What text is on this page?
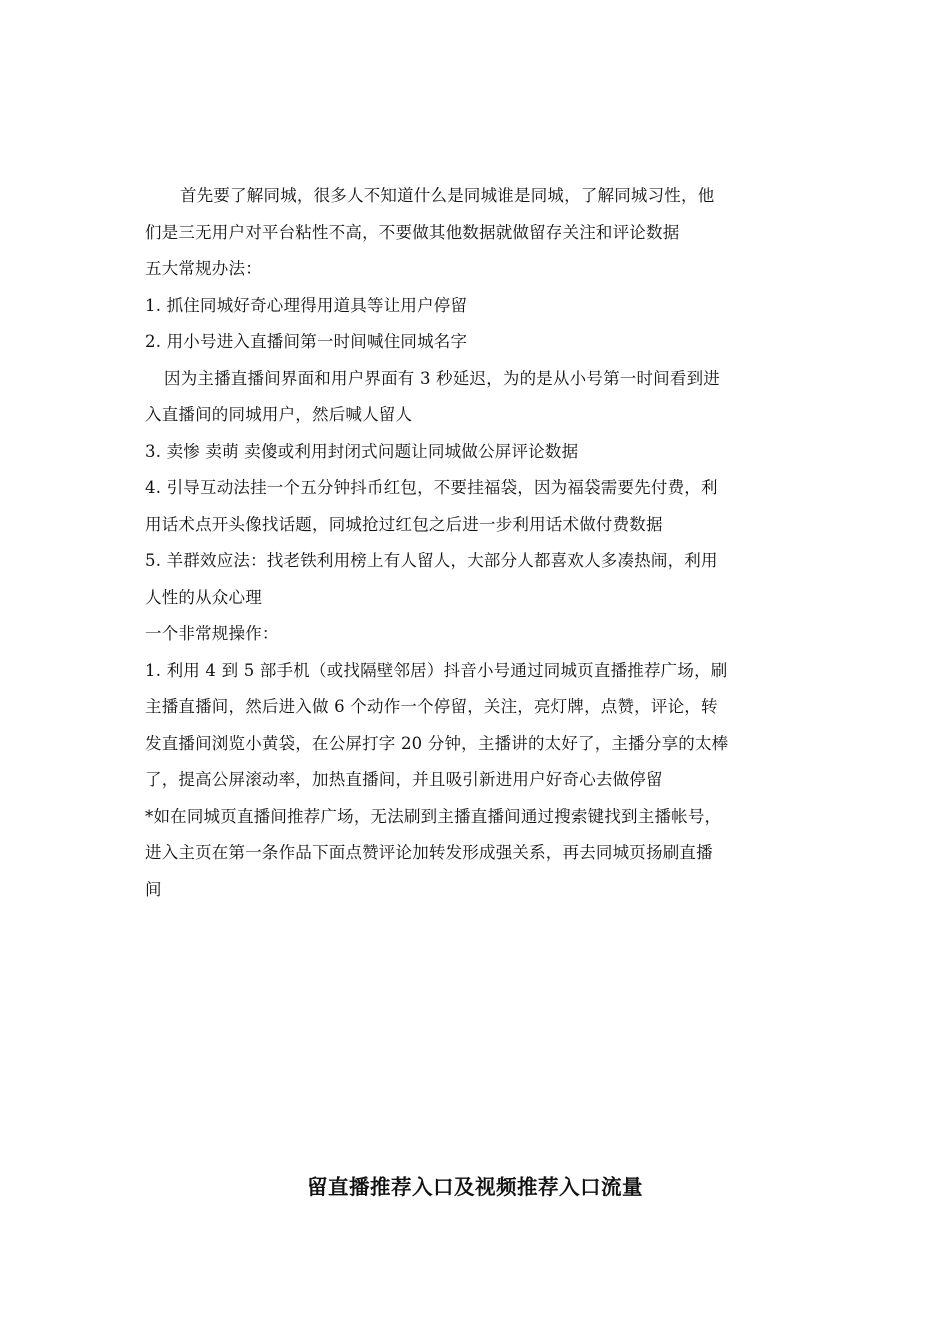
首先要了解同城，很多人不知道什么是同城谁是同城，了解同城习性，他
们是三无用户对平台粘性不高，不要做其他数据就做留存关注和评论数据
五大常规办法：
1. 抓住同城好奇心理得用道具等让用户停留
2. 用小号进入直播间第一时间喊住同城名字
因为主播直播间界面和用户界面有 3 秒延迟，为的是从小号第一时间看到进
入直播间的同城用户，然后喊人留人
3. 卖惨 卖萌 卖傻或利用封闭式问题让同城做公屏评论数据
4. 引导互动法挂一个五分钟抖币红包，不要挂福袋，因为福袋需要先付费，利
用话术点开头像找话题，同城抢过红包之后进一步利用话术做付费数据
5. 羊群效应法：找老铁利用榜上有人留人，大部分人都喜欢人多凑热闹，利用
人性的从众心理
一个非常规操作：
1. 利用 4 到 5 部手机（或找隔壁邻居）抖音小号通过同城页直播推荐广场，刷
主播直播间，然后进入做 6 个动作一个停留，关注，亮灯牌，点赞，评论，转
发直播间浏览小黄袋，在公屏打字 20 分钟，主播讲的太好了，主播分享的太棒
了，提高公屏滚动率，加热直播间，并且吸引新进用户好奇心去做停留
*如在同城页直播间推荐广场，无法刷到主播直播间通过搜索键找到主播帐号，
进入主页在第一条作品下面点赞评论加转发形成强关系，再去同城页扬刷直播
间
留直播推荐入口及视频推荐入口流量
